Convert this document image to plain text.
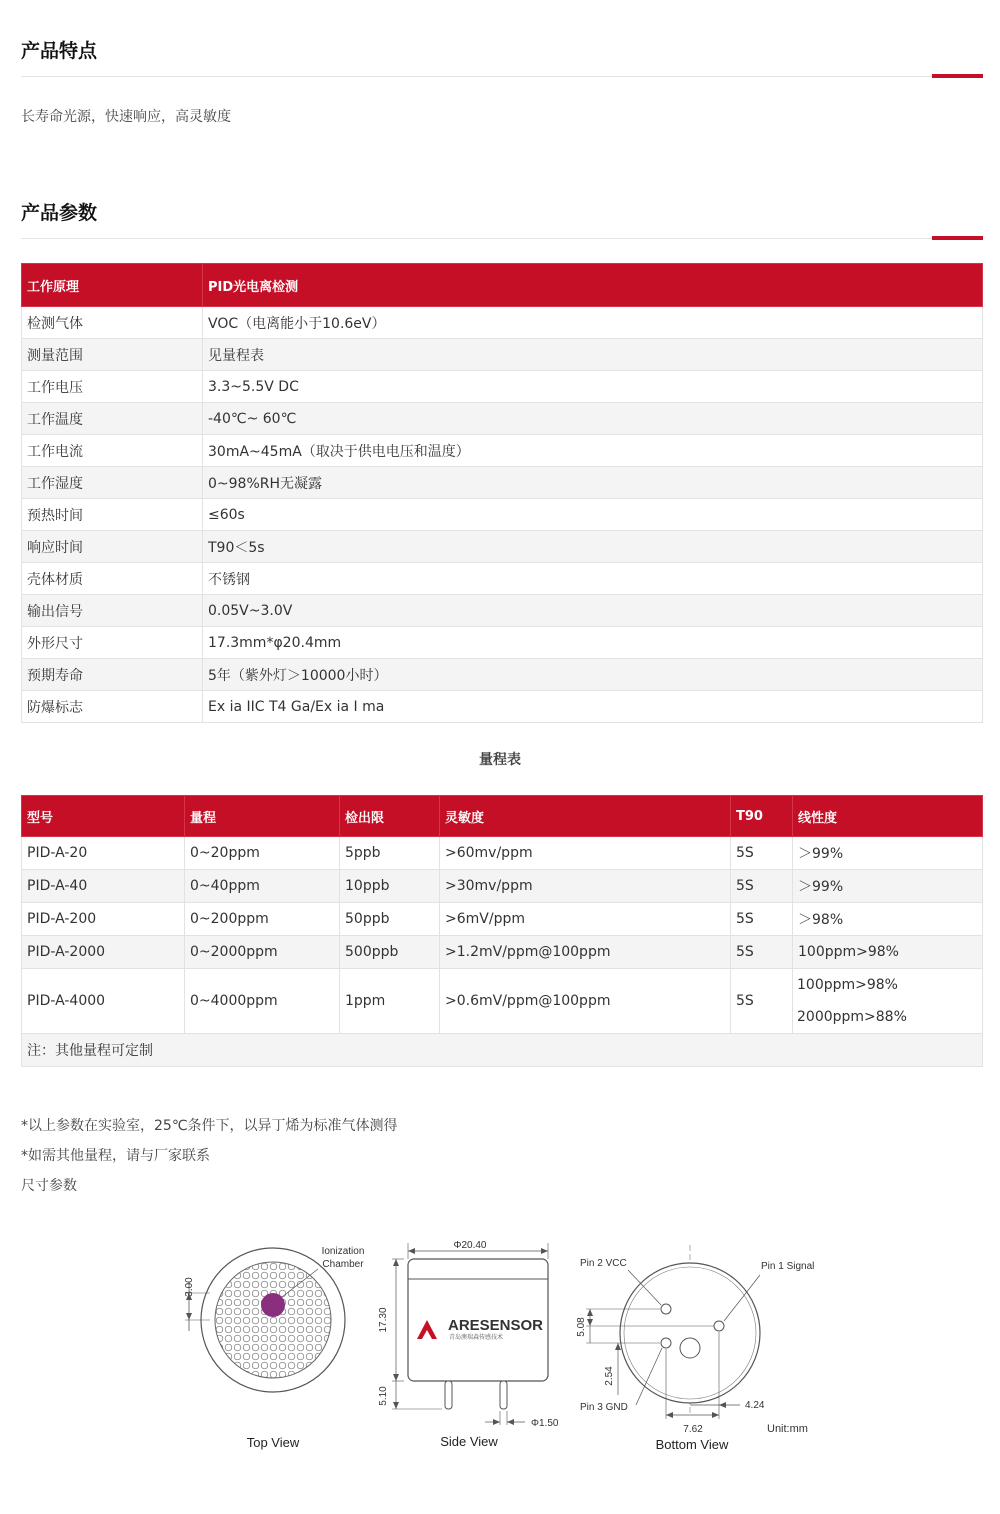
产品特点
长寿命光源，快速响应，高灵敏度
产品参数
工作原理	PID光电离检测
检测气体	VOC（电离能小于10.6eV）
测量范围	见量程表
工作电压	3.3~5.5V DC
工作温度	-40℃~ 60℃
工作电流	30mA~45mA（取决于供电电压和温度）
工作湿度	0~98%RH无凝露
预热时间	≤60s
响应时间	T90＜5s
壳体材质	不锈钢
输出信号	0.05V~3.0V
外形尺寸	17.3mm*φ20.4mm
预期寿命	5年（紫外灯＞10000小时）
防爆标志	Ex ia IIC T4 Ga/Ex ia I ma
量程表
型号	量程	检出限	灵敏度	T90	线性度
PID-A-20	0~20ppm	5ppb	>60mv/ppm	5S	＞99%
PID-A-40	0~40ppm	10ppb	>30mv/ppm	5S	＞99%
PID-A-200	0~200ppm	50ppb	>6mV/ppm	5S	＞98%
PID-A-2000	0~2000ppm	500ppb	>1.2mV/ppm@100ppm	5S	100ppm>98%
PID-A-4000	0~4000ppm	1ppm	>0.6mV/ppm@100ppm	5S	100ppm>98%
2000ppm>88%

注：其他量程可定制					
*以上参数在实验室，25℃条件下，以异丁烯为标准气体测得
*如需其他量程，请与厂家联系
尺寸参数
3.00
Ionization
Chamber
Top View
Φ20.40
ARESENSOR
青岛澳瑞森传感技术
17.30
5.10
Φ1.50
Side View
Pin 2 VCC	Pin 1 Signal
Pin 3 GND
5.08
2.54
7.62
4.24
Unit:mm
Bottom View
